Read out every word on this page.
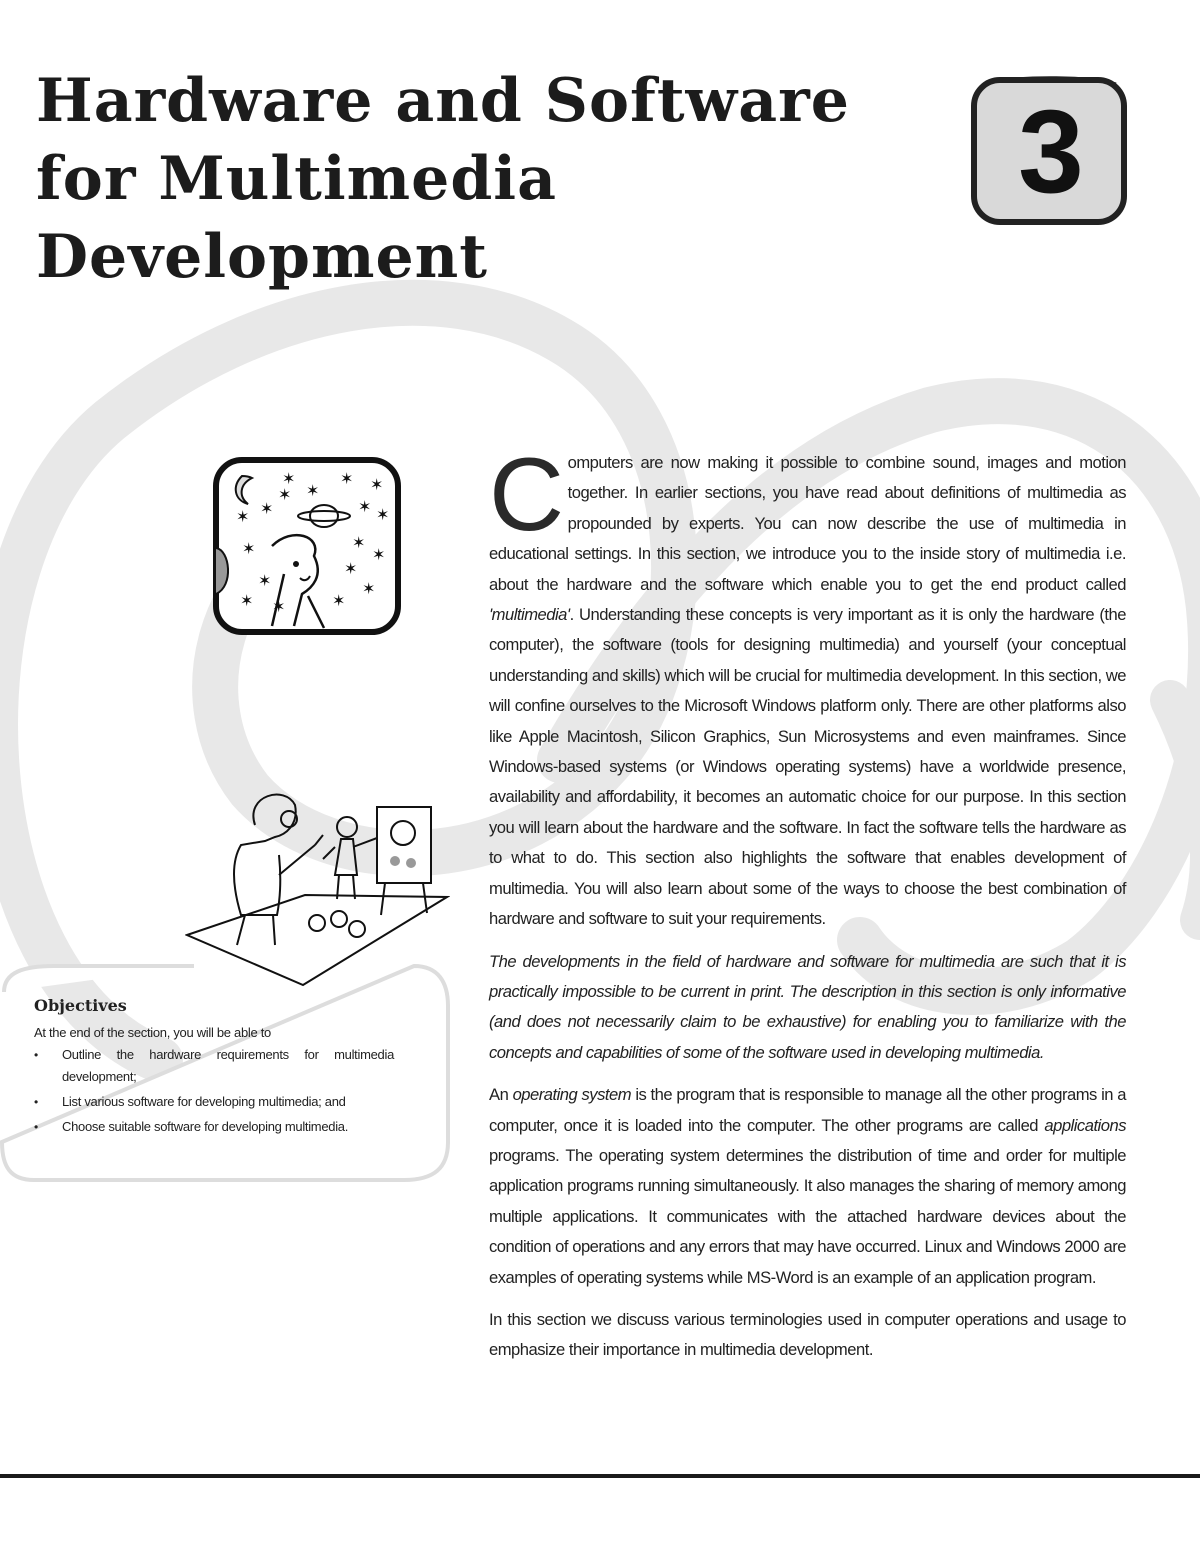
Hardware and Software
for Multimedia
Development
3
✶
✶
✶ ✶
✶ ✶
✶ ✶
✶
✶	✶
✶
✶
✶
✶
✶	✶
✶

Computers are now making it possible to combine sound, images and motion together. In earlier sections, you have read about definitions of multimedia as propounded by experts. You can now describe the use of multimedia in educational settings. In this section, we introduce you to the inside story of multimedia i.e. about the hardware and the software which enable you to get the end product called 'multimedia'. Understanding these concepts is very important as it is only the hardware (the computer), the software (tools for designing multimedia) and yourself (your conceptual understanding and skills) which will be crucial for multimedia development. In this section, we will confine ourselves to the Microsoft Windows platform only. There are other platforms also like Apple Macintosh, Silicon Graphics, Sun Microsystems and even mainframes. Since Windows-based systems (or Windows operating systems) have a worldwide presence, availability and affordability, it becomes an automatic choice for our purpose. In this section you will learn about the hardware and the software. In fact the software tells the hardware as to what to do. This section also highlights the software that enables development of multimedia. You will also learn about some of the ways to choose the best combination of hardware and software to suit your requirements.

The developments in the field of hardware and software for multimedia are such that it is practically impossible to be current in print. The description in this section is only informative (and does not necessarily claim to be exhaustive) for enabling you to familiarize with the concepts and capabilities of some of the software used in developing multimedia.

An operating system is the program that is responsible to manage all the other programs in a computer, once it is loaded into the computer. The other programs are called applications programs. The operating system determines the distribution of time and order for multiple application programs running simultaneously. It also manages the sharing of memory among multiple applications. It communicates with the attached hardware devices about the condition of operations and any errors that may have occurred. Linux and Windows 2000 are examples of operating systems while MS-Word is an example of an application program.

In this section we discuss various terminologies used in computer operations and usage to emphasize their importance in multimedia development.

Objectives

At the end of the section, you will be able to

• Outline the hardware requirements for multimedia development;
• List various software for developing multimedia; and
• Choose suitable software for developing multimedia.
